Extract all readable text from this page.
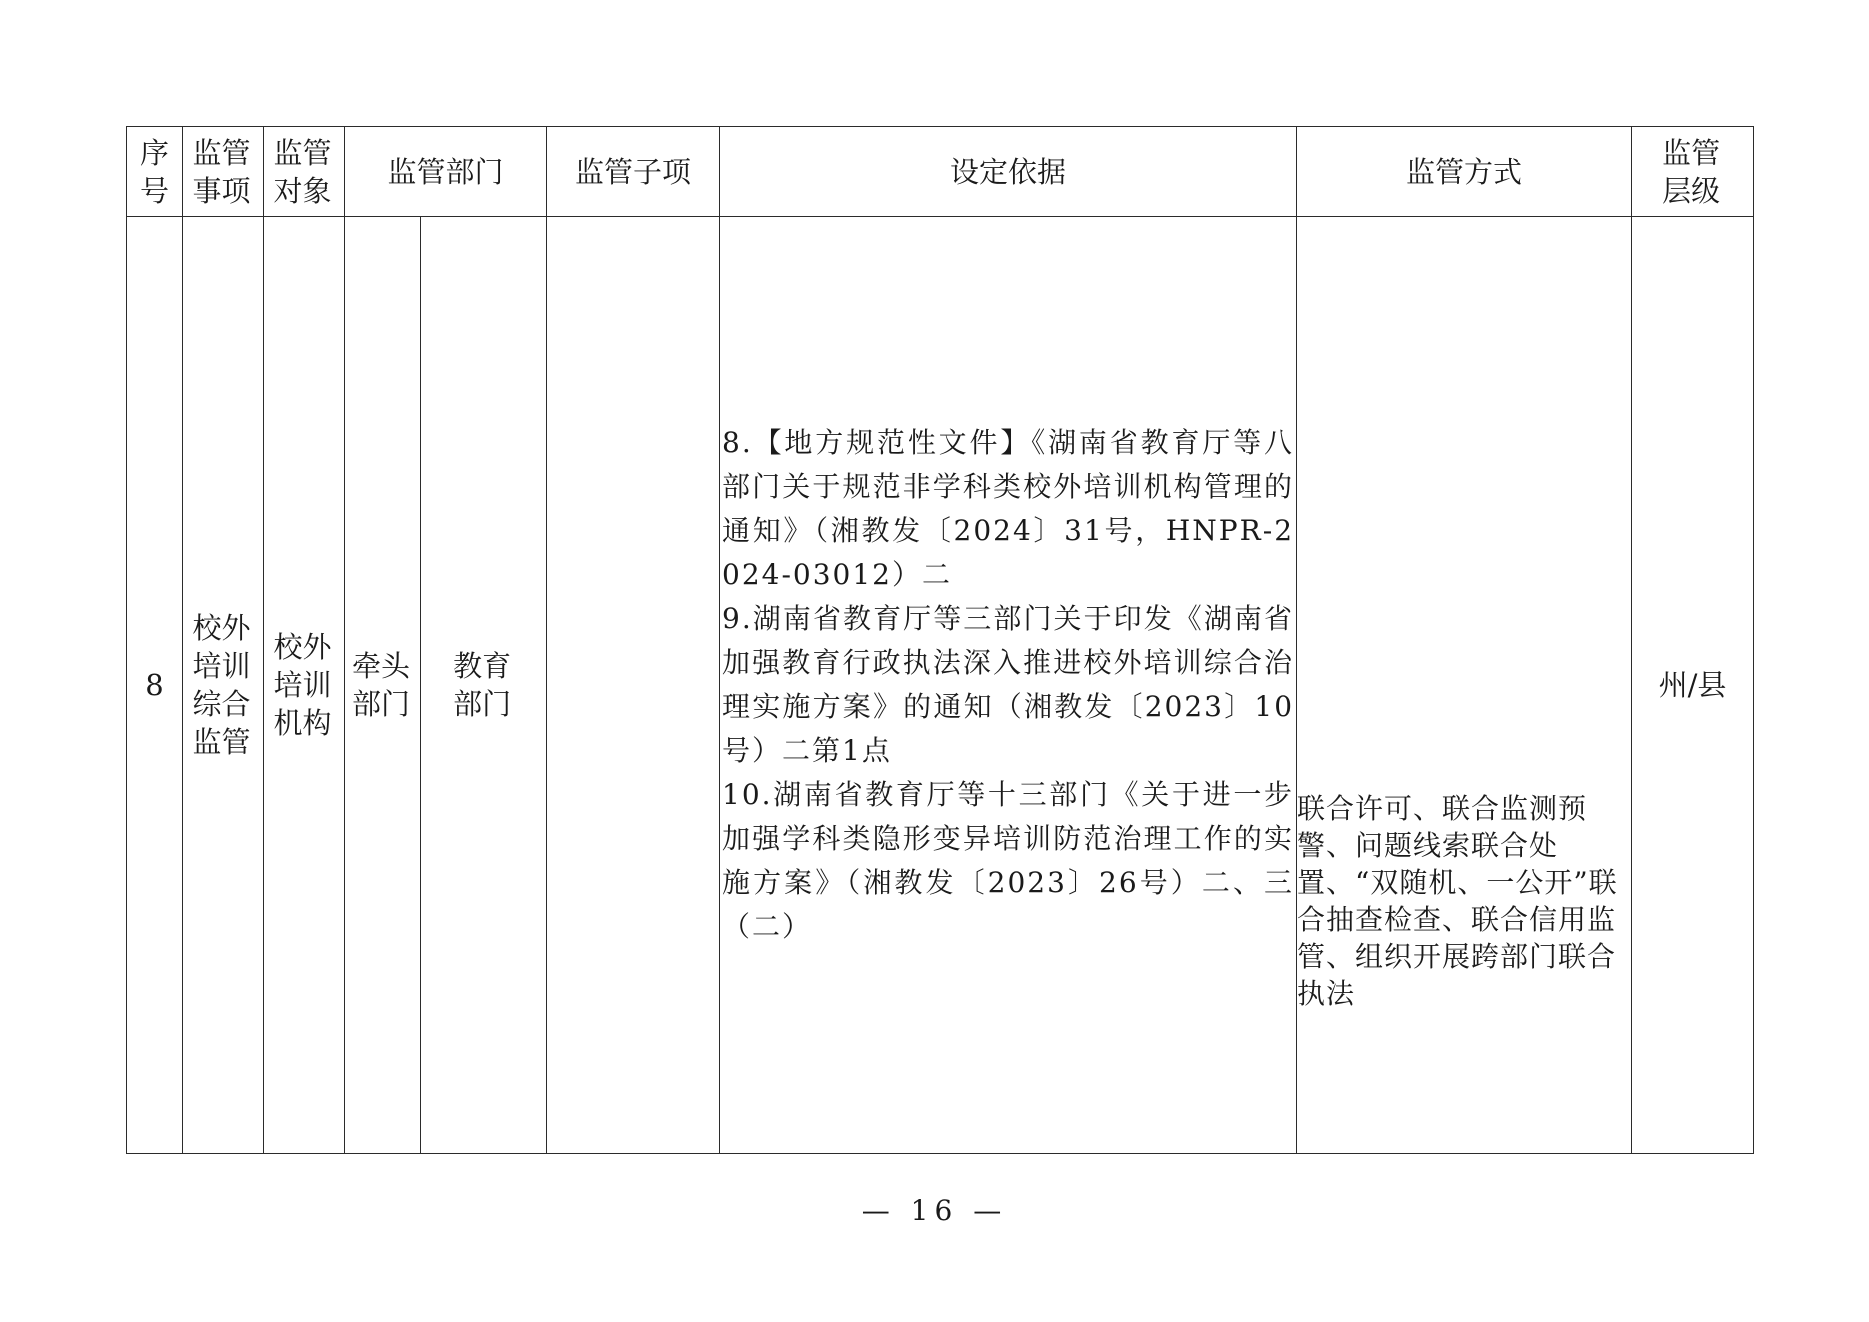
序号	监管事项	监管对象	监管部门		监管子项	设定依据	监管方式	监管层级
8	校外培训综合监管	校外培训机构	牵头部门	教育部门		8.【地方规范性文件】《湖南省教育厅等八部门关于规范非学科类校外培训机构管理的通知》（湘教发〔2024〕31号，HNPR-2024-03012）二

9.湖南省教育厅等三部门关于印发《湖南省加强教育行政执法深入推进校外培训综合治理实施方案》的通知（湘教发〔2023〕10号）二第1点

10.湖南省教育厅等十三部门《关于进一步加强学科类隐形变异培训防范治理工作的实施方案》（湘教发〔2023〕26号）二、三（二）	联合许可、联合监测预警、问题线索联合处置、“双随机、一公开”联合抽查检查、联合信用监管、组织开展跨部门联合执法	州/县
— 16 —
